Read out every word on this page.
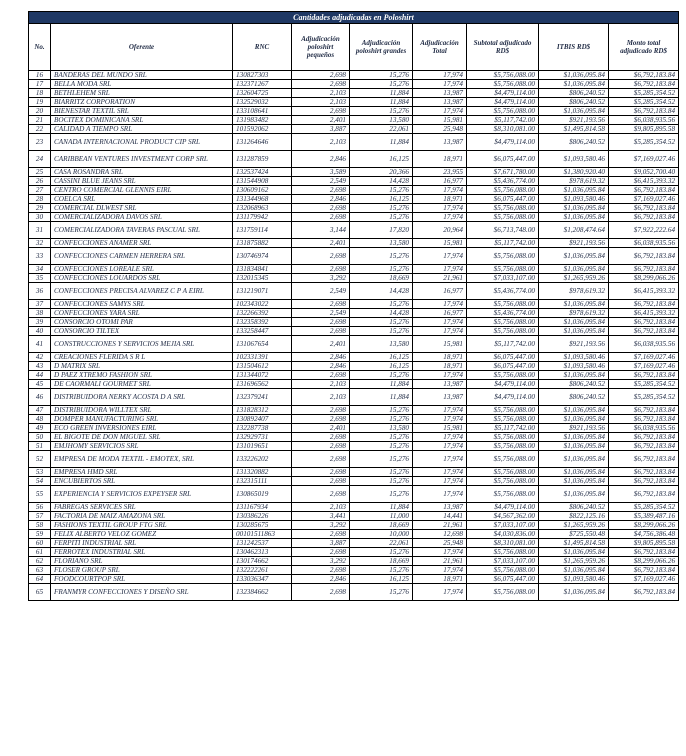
Cantidades adjudicadas en Poloshirt								
No.	Oferente	RNC	Adjudicación poloshirt pequeños	Adjudicación poloshirt grandes	Adjudicación Total	Subtotal adjudicado RD$	ITBIS RD$	Monto total adjudicado RD$
16	BANDERAS DEL MUNDO SRL	130827303	2,698	15,276	17,974	$5,756,088.00	$1,036,095.84	$6,792,183.84
17	BELLA MODA SRL	132371267	2,698	15,276	17,974	$5,756,088.00	$1,036,095.84	$6,792,183.84
18	BETHLEHEM SRL	132604725	2,103	11,884	13,987	$4,479,114.00	$806,240.52	$5,285,354.52
19	BIARRITZ CORPORATION	132529032	2,103	11,884	13,987	$4,479,114.00	$806,240.52	$5,285,354.52
20	BIENESTAR TEXTIL SRL	133108641	2,698	15,276	17,974	$5,756,088.00	$1,036,095.84	$6,792,183.84
21	BOCITEX DOMINICANA SRL	131983482	2,401	13,580	15,981	$5,117,742.00	$921,193.56	$6,038,935.56
22	CALIDAD A TIEMPO SRL	101592062	3,887	22,061	25,948	$8,310,081.00	$1,495,814.58	$9,805,895.58
23	CANADA INTERNACIONAL PRODUCT CIP SRL	131264646	2,103	11,884	13,987	$4,479,114.00	$806,240.52	$5,285,354.52
24	CARIBBEAN VENTURES INVESTMENT CORP SRL	131287859	2,846	16,125	18,971	$6,075,447.00	$1,093,580.46	$7,169,027.46
25	CASA ROSANDRA SRL	132537424	3,589	20,366	23,955	$7,671,780.00	$1,380,920.40	$9,052,700.40
26	CASSINI BLUE JEANS SRL	131544908	2,549	14,428	16,977	$5,436,774.00	$978,619.32	$6,415,393.32
27	CENTRO COMERCIAL GLENNIS EIRL	130609162	2,698	15,276	17,974	$5,756,088.00	$1,036,095.84	$6,792,183.84
28	COELCA SRL	131344968	2,846	16,125	18,971	$6,075,447.00	$1,093,580.46	$7,169,027.46
29	COMERCIAL DLWEST SRL	132068963	2,698	15,276	17,974	$5,756,088.00	$1,036,095.84	$6,792,183.84
30	COMERCIALIZADORA DAVOS SRL	131179942	2,698	15,276	17,974	$5,756,088.00	$1,036,095.84	$6,792,183.84
31	COMERCIALIZADORA TAVERAS PASCUAL SRL	131759114	3,144	17,820	20,964	$6,713,748.00	$1,208,474.64	$7,922,222.64
32	CONFECCIONES ANAMER SRL	131875882	2,401	13,580	15,981	$5,117,742.00	$921,193.56	$6,038,935.56
33	CONFECCIONES CARMEN HERRERA SRL	130746974	2,698	15,276	17,974	$5,756,088.00	$1,036,095.84	$6,792,183.84
34	CONFECCIONES LOREALE SRL	131834841	2,698	15,276	17,974	$5,756,088.00	$1,036,095.84	$6,792,183.84
35	CONFECCIONES LOUARDOS SRL	132015345	3,292	18,669	21,961	$7,033,107.00	$1,265,959.26	$8,299,066.26
36	CONFECCIONES PRECISA ALVAREZ C P A EIRL	131219071	2,549	14,428	16,977	$5,436,774.00	$978,619.32	$6,415,393.32
37	CONFECCIONES SAMYS SRL	102343022	2,698	15,276	17,974	$5,756,088.00	$1,036,095.84	$6,792,183.84
38	CONFECCIONES YARA SRL	132266392	2,549	14,428	16,977	$5,436,774.00	$978,619.32	$6,415,393.32
39	CONSORCIO OTOMI PAR	132358392	2,698	15,276	17,974	$5,756,088.00	$1,036,095.84	$6,792,183.84
40	CONSORCIO TILTEX	133258447	2,698	15,276	17,974	$5,756,088.00	$1,036,095.84	$6,792,183.84
41	CONSTRUCCIONES Y SERVICIOS MEJIA SRL	131067654	2,401	13,580	15,981	$5,117,742.00	$921,193.56	$6,038,935.56
42	CREACIONES FLERIDA S R L	102331391	2,846	16,125	18,971	$6,075,447.00	$1,093,580.46	$7,169,027.46
43	D MATRIX SRL	131504612	2,846	16,125	18,971	$6,075,447.00	$1,093,580.46	$7,169,027.46
44	D PAEZ XTREMO FASHION SRL	131344072	2,698	15,276	17,974	$5,756,088.00	$1,036,095.84	$6,792,183.84
45	DE CAORMALI GOURMET SRL	131696562	2,103	11,884	13,987	$4,479,114.00	$806,240.52	$5,285,354.52
46	DISTRIBUIDORA NERKY ACOSTA D A SRL	132379241	2,103	11,884	13,987	$4,479,114.00	$806,240.52	$5,285,354.52
47	DISTRIBUIDORA WILLTEX SRL	131828312	2,698	15,276	17,974	$5,756,088.00	$1,036,095.84	$6,792,183.84
48	DOMPER MANUFACTURING SRL	130892407	2,698	15,276	17,974	$5,756,088.00	$1,036,095.84	$6,792,183.84
49	ECO GREEN INVERSIONES EIRL	132287738	2,401	13,580	15,981	$5,117,742.00	$921,193.56	$6,038,935.56
50	EL BIGOTE DE DON MIGUEL SRL	132929731	2,698	15,276	17,974	$5,756,088.00	$1,036,095.84	$6,792,183.84
51	EMJHOMY SERVICIOS SRL	131019651	2,698	15,276	17,974	$5,756,088.00	$1,036,095.84	$6,792,183.84
52	EMPRESA DE MODA TEXTIL - EMOTEX, SRL	133226202	2,698	15,276	17,974	$5,756,088.00	$1,036,095.84	$6,792,183.84
53	EMPRESA HMD SRL	131320882	2,698	15,276	17,974	$5,756,088.00	$1,036,095.84	$6,792,183.84
54	ENCUBIERTOS SRL	132315111	2,698	15,276	17,974	$5,756,088.00	$1,036,095.84	$6,792,183.84
55	EXPERIENCIA Y SERVICIOS EXPEYSER SRL	130865019	2,698	15,276	17,974	$5,756,088.00	$1,036,095.84	$6,792,183.84
56	FABREGAS SERVICES SRL	131167934	2,103	11,884	13,987	$4,479,114.00	$806,240.52	$5,285,354.52
57	FACTORIA DE MAIZ AMAZONA SRL	130386226	3,441	11,000	14,441	$4,567,362.00	$822,125.16	$5,389,487.16
58	FASHIONS TEXTIL GROUP FTG SRL	130285675	3,292	18,669	21,961	$7,033,107.00	$1,265,959.26	$8,299,066.26
59	FELIX ALBERTO VELOZ GOMEZ	00101511863	2,698	10,000	12,698	$4,030,836.00	$725,550.48	$4,756,386.48
60	FERPITI INDUSTRIAL SRL	131242537	3,887	22,061	25,948	$8,310,081.00	$1,495,814.58	$9,805,895.58
61	FERROTEX INDUSTRIAL SRL	130462313	2,698	15,276	17,974	$5,756,088.00	$1,036,095.84	$6,792,183.84
62	FLORIANO SRL	130174662	3,292	18,669	21,961	$7,033,107.00	$1,265,959.26	$8,299,066.26
63	FLOSER GROUP SRL	132222261	2,698	15,276	17,974	$5,756,088.00	$1,036,095.84	$6,792,183.84
64	FOODCOURTPOP SRL	133036347	2,846	16,125	18,971	$6,075,447.00	$1,093,580.46	$7,169,027.46
65	FRANMYR CONFECCIONES Y DISEÑO SRL	132384662	2,698	15,276	17,974	$5,756,088.00	$1,036,095.84	$6,792,183.84
